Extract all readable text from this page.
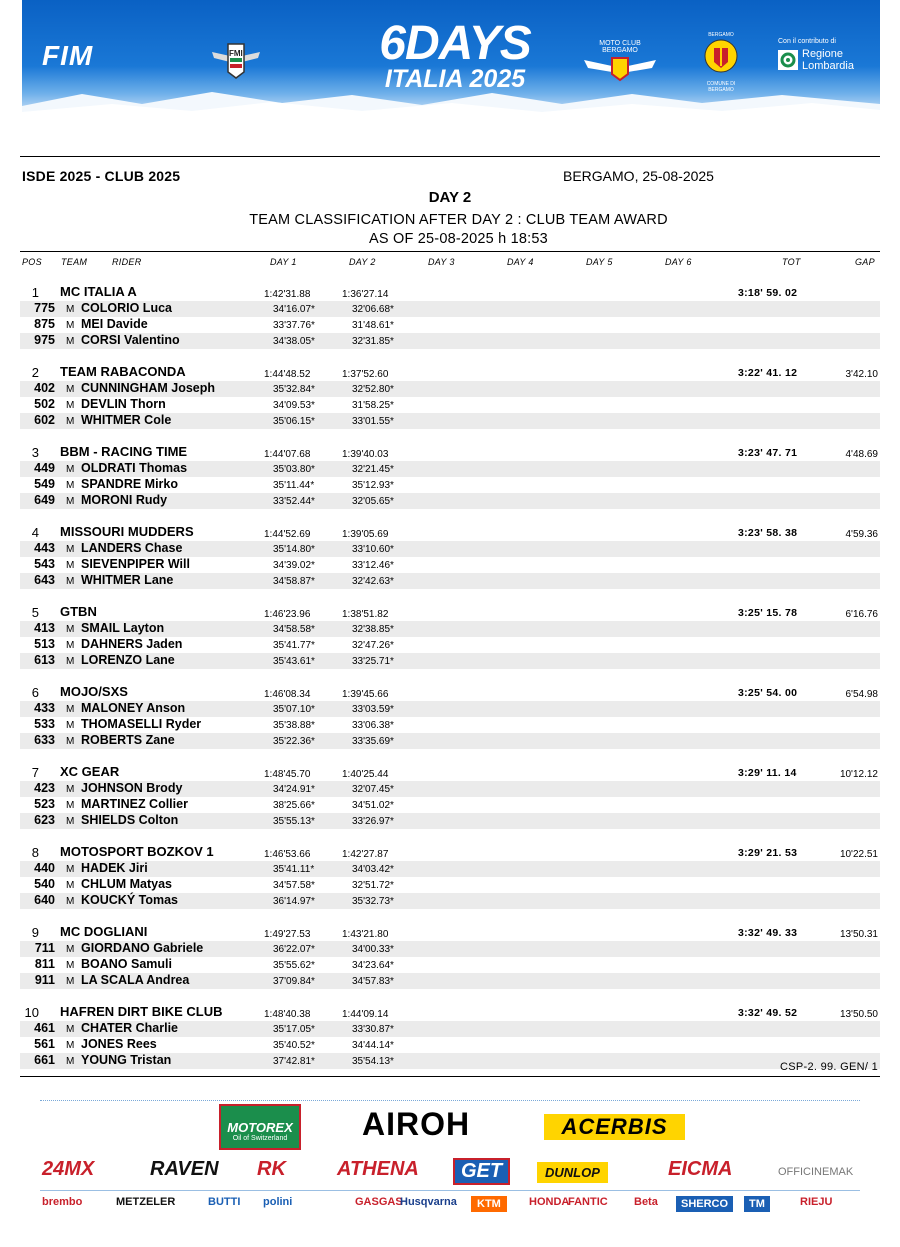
FIM	FMI	6DAYS
ITALIA 2025
MOTO CLUB BERGAMO
BERGAMO
COMUNE DI BERGAMO
Con il contributo di
Regione
Lombardia
ISDE 2025 - CLUB 2025	BERGAMO, 25-08-2025
DAY 2
TEAM CLASSIFICATION AFTER DAY 2 : CLUB TEAM AWARD
AS OF 25-08-2025 h 18:53
POS TEAM	RIDER	DAY 1	DAY 2	DAY 3	DAY 4	DAY 5	DAY 6	TOT	GAP
1 MC ITALIA A	1:42'31.88	1:36'27.14	3:18' 59. 02
775 M COLORIO Luca	34'16.07*	32'06.68*
875 M MEI Davide	33'37.76*	31'48.61*
975 M CORSI Valentino	34'38.05*	32'31.85*
2 TEAM RABACONDA	1:44'48.52	1:37'52.60	3:22' 41. 12	3'42.10
402 M CUNNINGHAM Joseph	35'32.84*	32'52.80*
502 M DEVLIN Thorn	34'09.53*	31'58.25*
602 M WHITMER Cole	35'06.15*	33'01.55*
3 BBM - RACING TIME	1:44'07.68	1:39'40.03	3:23' 47. 71	4'48.69
449 M OLDRATI Thomas	35'03.80*	32'21.45*
549 M SPANDRE Mirko	35'11.44*	35'12.93*
649 M MORONI Rudy	33'52.44*	32'05.65*
4 MISSOURI MUDDERS	1:44'52.69	1:39'05.69	3:23' 58. 38	4'59.36
443 M LANDERS Chase	35'14.80*	33'10.60*
543 M SIEVENPIPER Will	34'39.02*	33'12.46*
643 M WHITMER Lane	34'58.87*	32'42.63*
5 GTBN	1:46'23.96	1:38'51.82	3:25' 15. 78	6'16.76
413 M SMAIL Layton	34'58.58*	32'38.85*
513 M DAHNERS Jaden	35'41.77*	32'47.26*
613 M LORENZO Lane	35'43.61*	33'25.71*
6 MOJO/SXS	1:46'08.34	1:39'45.66	3:25' 54. 00	6'54.98
433 M MALONEY Anson	35'07.10*	33'03.59*
533 M THOMASELLI Ryder	35'38.88*	33'06.38*
633 M ROBERTS Zane	35'22.36*	33'35.69*
7 XC GEAR	1:48'45.70	1:40'25.44	3:29' 11. 14	10'12.12
423 M JOHNSON Brody	34'24.91*	32'07.45*
523 M MARTINEZ Collier	38'25.66*	34'51.02*
623 M SHIELDS Colton	35'55.13*	33'26.97*
8 MOTOSPORT BOZKOV 1	1:46'53.66	1:42'27.87	3:29' 21. 53	10'22.51
440 M HADEK Jiri	35'41.11*	34'03.42*
540 M CHLUM Matyas	34'57.58*	32'51.72*
640 M KOUCKÝ Tomas	36'14.97*	35'32.73*
9 MC DOGLIANI	1:49'27.53	1:43'21.80	3:32' 49. 33	13'50.31
711 M GIORDANO Gabriele	36'22.07*	34'00.33*
811 M BOANO Samuli	35'55.62*	34'23.64*
911 M LA SCALA Andrea	37'09.84*	34'57.83*
10 HAFREN DIRT BIKE CLUB	1:48'40.38	1:44'09.14	3:32' 49. 52	13'50.50
461 M CHATER Charlie	35'17.05*	33'30.87*
561 M JONES Rees	35'40.52*	34'44.14*
661 M YOUNG Tristan	37'42.81*	35'54.13*	CSP-2. 99. GEN/ 1
MOTOREX
Oil of Switzerland	AIROH	ACERBIS
24MX	RAVEN RK	ATHENA	GET	DUNLOP	EICMA	OFFICINEMAK
brembo	METZELER	BUTTI polini	GASGAS
Husqvarna	KTM	HONDA
FANTIC Beta	SHERCO	TM	RIEJU
